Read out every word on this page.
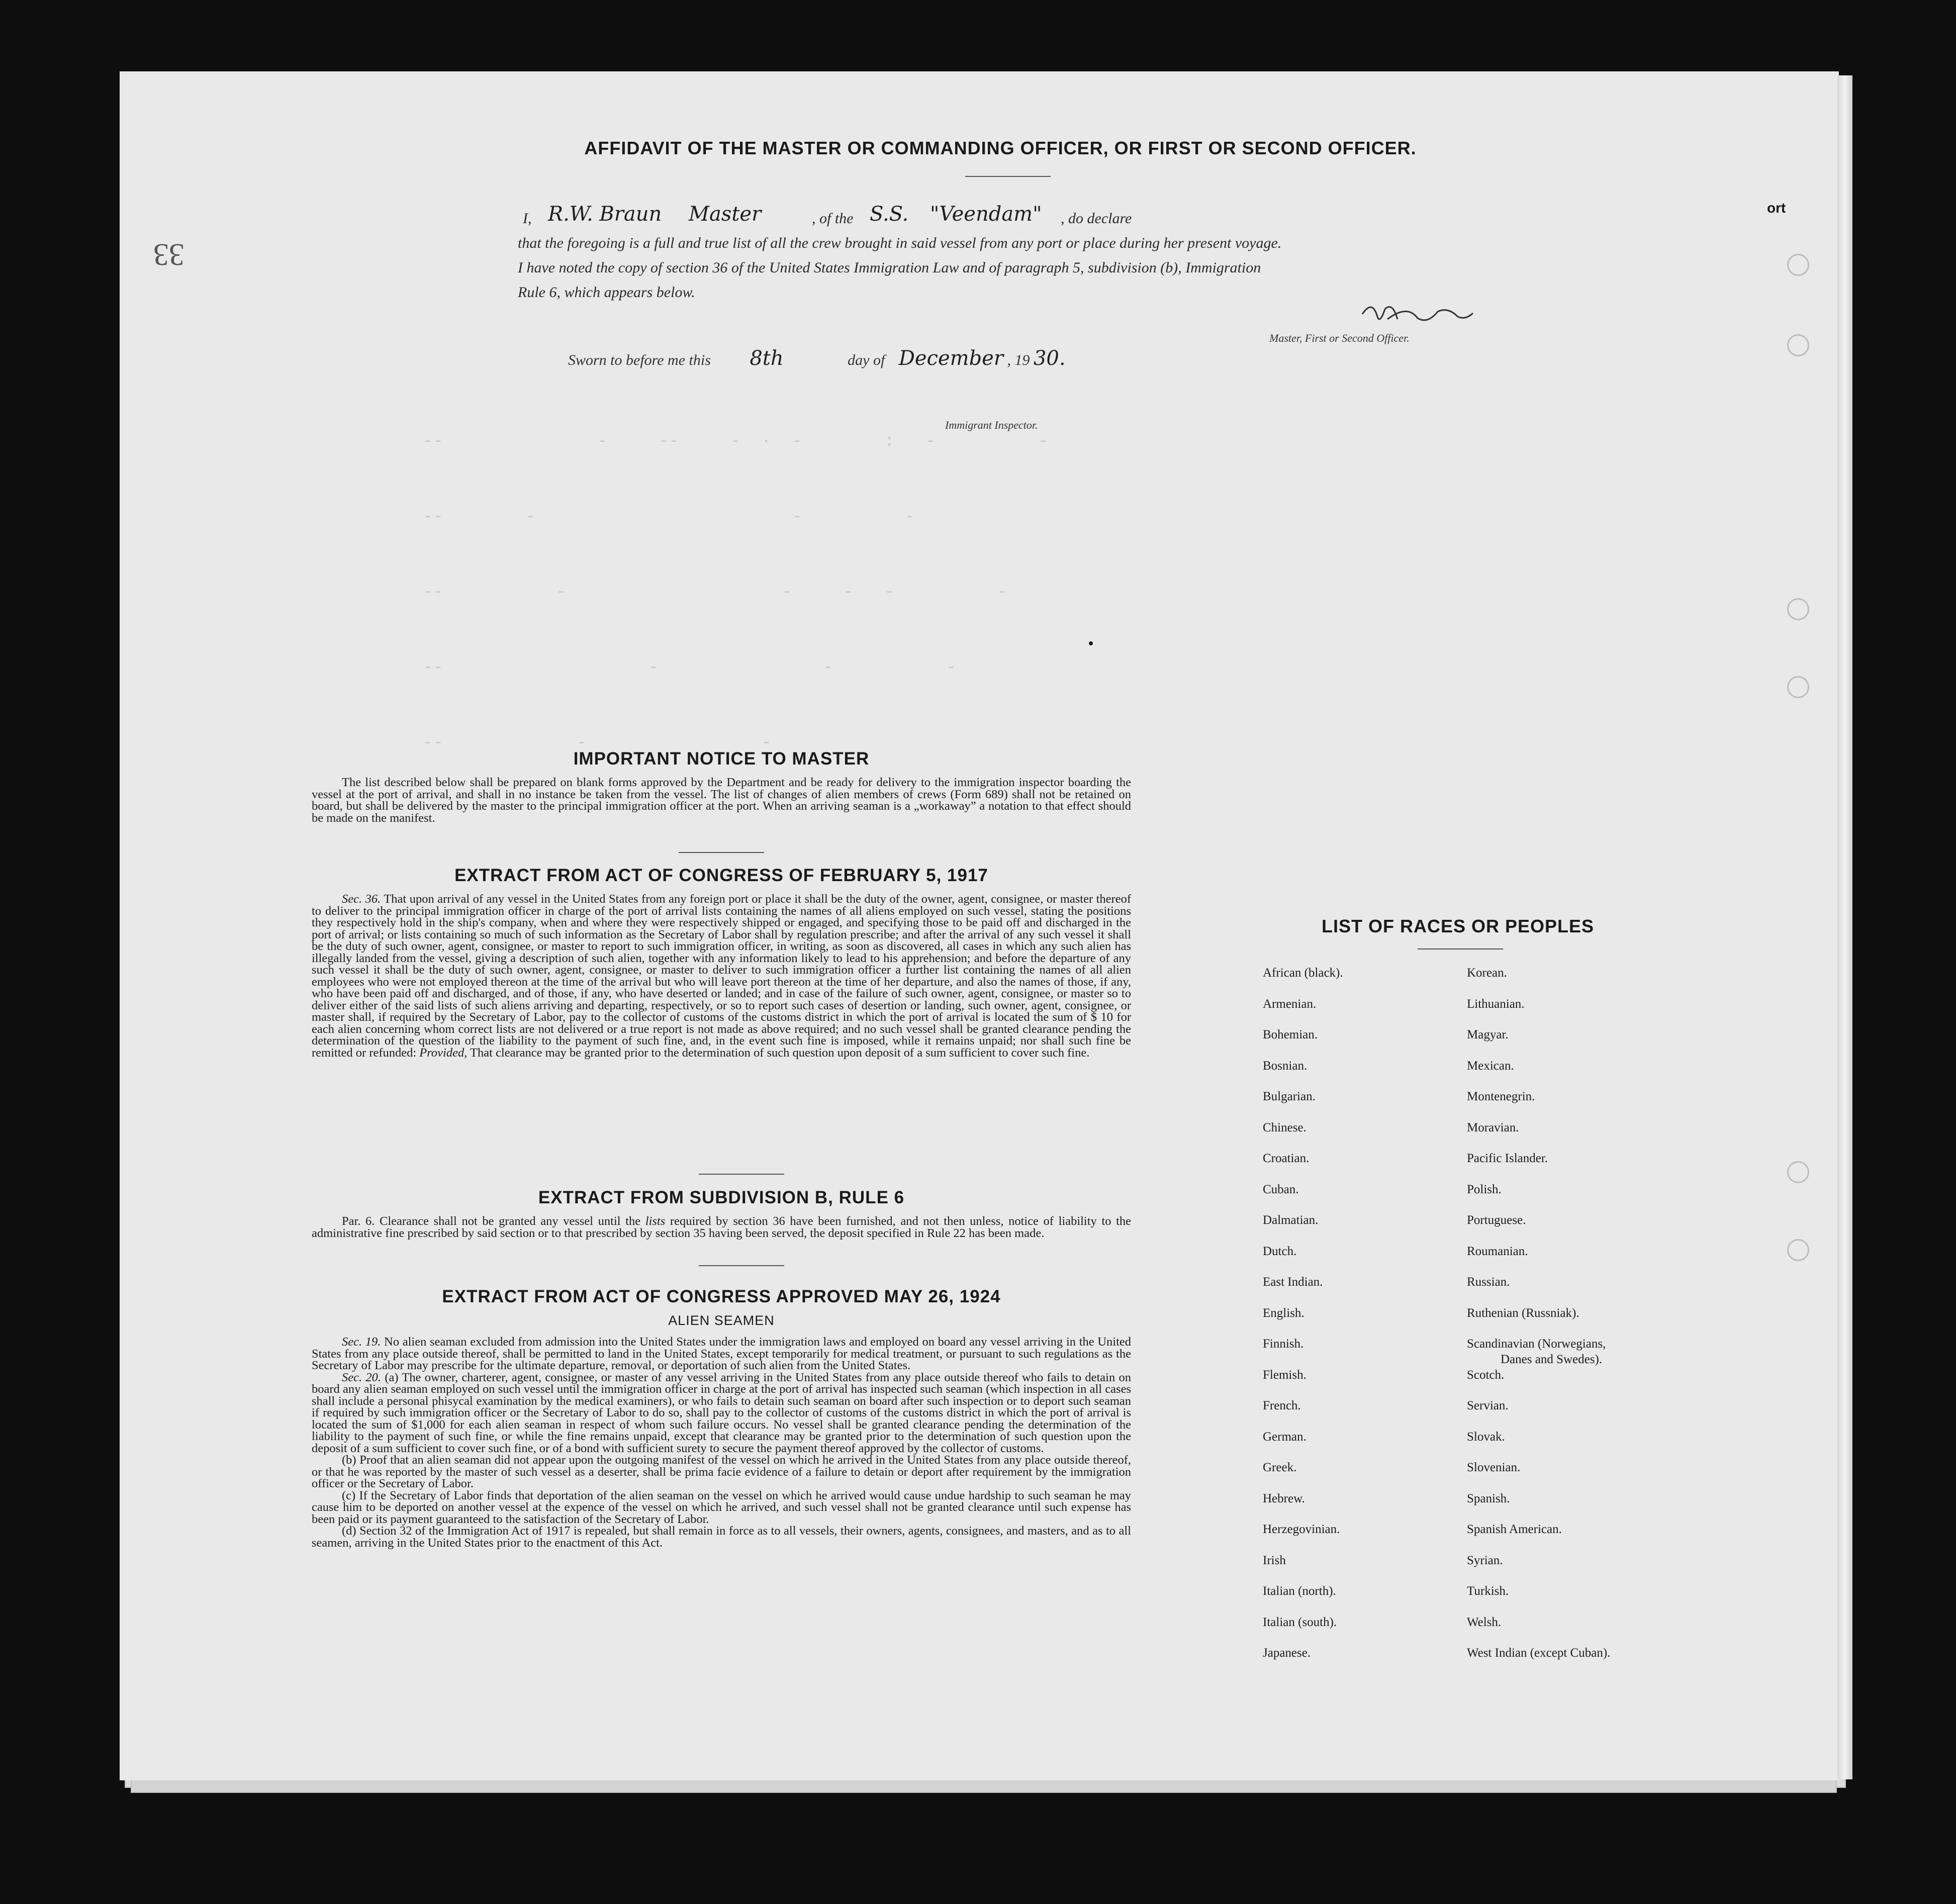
--               -     --     -  ·  -        :   -          -
--        -                         -          -
--           -                     -     -   -          -
--                    -                -           -
--             -                 -
33
ort
AFFIDAVIT OF THE MASTER OR COMMANDING OFFICER, OR FIRST OR SECOND OFFICER.
I, R.W. Braun Master	, of the S.S. "Veendam" , do declare
that the foregoing is a full and true list of all the crew brought in said vessel from any port or place during her present voyage.
I have noted the copy of section 36 of the United States Immigration Law and of paragraph 5, subdivision (b), Immigration
Rule 6, which appears below.
Master, First or Second Officer.
Sworn to before me this 8th	day of December , 19 30.
Immigrant Inspector.
IMPORTANT NOTICE TO MASTER

The list described below shall be prepared on blank forms approved by the Department and be ready for delivery to the immigration inspector boarding the vessel at the port of arrival, and shall in no instance be taken from the vessel. The list of changes of alien members of crews (Form 689) shall not be retained on board, but shall be delivered by the master to the principal immigration officer at the port. When an arriving seaman is a „workaway” a notation to that effect should be made on the manifest.

EXTRACT FROM ACT OF CONGRESS OF FEBRUARY 5, 1917

Sec. 36. That upon arrival of any vessel in the United States from any foreign port or place it shall be the duty of the owner, agent, consignee, or master thereof to deliver to the principal immigration officer in charge of the port of arrival lists containing the names of all aliens employed on such vessel, stating the positions they respectively hold in the ship's company, when and where they were respectively shipped or engaged, and specifying those to be paid off and discharged in the port of arrival; or lists containing so much of such information as the Secretary of Labor shall by regulation prescribe; and after the arrival of any such vessel it shall be the duty of such owner, agent, consignee, or master to report to such immigration officer, in writing, as soon as discovered, all cases in which any such alien has illegally landed from the vessel, giving a description of such alien, together with any information likely to lead to his apprehension; and before the departure of any such vessel it shall be the duty of such owner, agent, consignee, or master to deliver to such immigration officer a further list containing the names of all alien employees who were not employed thereon at the time of the arrival but who will leave port thereon at the time of her departure, and also the names of those, if any, who have been paid off and discharged, and of those, if any, who have deserted or landed; and in case of the failure of such owner, agent, consignee, or master so to deliver either of the said lists of such aliens arriving and departing, respectively, or so to report such cases of desertion or landing, such owner, agent, consignee, or master shall, if required by the Secretary of Labor, pay to the collector of customs of the customs district in which the port of arrival is located the sum of $ 10 for each alien concerning whom correct lists are not delivered or a true report is not made as above required; and no such vessel shall be granted clearance pending the determination of the question of the liability to the payment of such fine, and, in the event such fine is imposed, while it remains unpaid; nor shall such fine be remitted or refunded: Provided, That clearance may be granted prior to the determination of such question upon deposit of a sum sufficient to cover such fine.

EXTRACT FROM SUBDIVISION B, RULE 6

Par. 6. Clearance shall not be granted any vessel until the lists required by section 36 have been furnished, and not then unless, notice of liability to the administrative fine prescribed by said section or to that prescribed by section 35 having been served, the deposit specified in Rule 22 has been made.

EXTRACT FROM ACT OF CONGRESS APPROVED MAY 26, 1924
ALIEN SEAMEN

Sec. 19. No alien seaman excluded from admission into the United States under the immigration laws and employed on board any vessel arriving in the United States from any place outside thereof, shall be permitted to land in the United States, except temporarily for medical treatment, or pursuant to such regulations as the Secretary of Labor may prescribe for the ultimate departure, removal, or deportation of such alien from the United States.

Sec. 20. (a) The owner, charterer, agent, consignee, or master of any vessel arriving in the United States from any place outside thereof who fails to detain on board any alien seaman employed on such vessel until the immigration officer in charge at the port of arrival has inspected such seaman (which inspection in all cases shall include a personal phisycal examination by the medical examiners), or who fails to detain such seaman on board after such inspection or to deport such seaman if required by such immigration officer or the Secretary of Labor to do so, shall pay to the collector of customs of the customs district in which the port of arrival is located the sum of $1,000 for each alien seaman in respect of whom such failure occurs. No vessel shall be granted clearance pending the determination of the liability to the payment of such fine, or while the fine remains unpaid, except that clearance may be granted prior to the determination of such question upon the deposit of a sum sufficient to cover such fine, or of a bond with sufficient surety to secure the payment thereof approved by the collector of customs.

(b) Proof that an alien seaman did not appear upon the outgoing manifest of the vessel on which he arrived in the United States from any place outside thereof, or that he was reported by the master of such vessel as a deserter, shall be prima facie evidence of a failure to detain or deport after requirement by the immigration officer or the Secretary of Labor.

(c) If the Secretary of Labor finds that deportation of the alien seaman on the vessel on which he arrived would cause undue hardship to such seaman he may cause him to be deported on another vessel at the expence of the vessel on which he arrived, and such vessel shall not be granted clearance until such expense has been paid or its payment guaranteed to the satisfaction of the Secretary of Labor.

(d) Section 32 of the Immigration Act of 1917 is repealed, but shall remain in force as to all vessels, their owners, agents, consignees, and masters, and as to all seamen, arriving in the United States prior to the enactment of this Act.

LIST OF RACES OR PEOPLES
African (black).
Armenian.
Bohemian.
Bosnian.
Bulgarian.
Chinese.
Croatian.
Cuban.
Dalmatian.
Dutch.
East Indian.
English.
Finnish.
Flemish.
French.
German.
Greek.
Hebrew.
Herzegovinian.
Irish
Italian (north).
Italian (south).
Japanese.
Korean.
Lithuanian.
Magyar.
Mexican.
Montenegrin.
Moravian.
Pacific Islander.
Polish.
Portuguese.
Roumanian.
Russian.
Ruthenian (Russniak).
Scandinavian (Norwegians,
Scotch.
Servian.
Slovak.
Slovenian.
Spanish.
Spanish American.
Syrian.
Turkish.
Welsh.
West Indian (except Cuban).
Danes and Swedes).
